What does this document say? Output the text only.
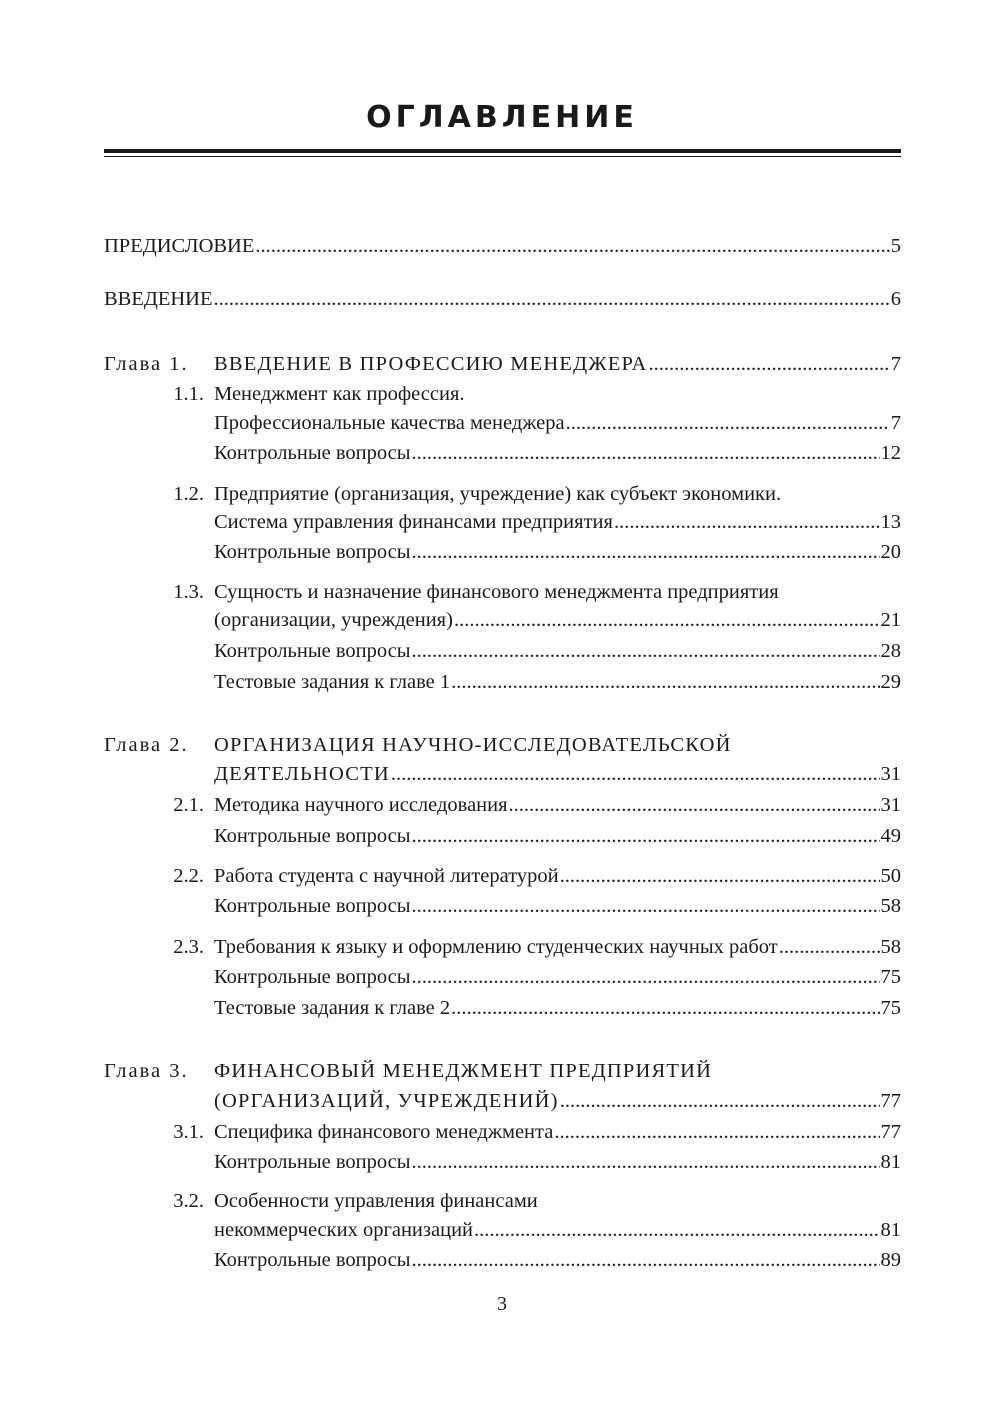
ОГЛАВЛЕНИЕ
ПРЕДИСЛОВИЕ .....	5
ВВЕДЕНИЕ .....	6
Глава 1. ВВЕДЕНИЕ В ПРОФЕССИЮ МЕНЕДЖЕРА .....	7
1.1. Менеджмент как профессия.
Профессиональные качества менеджера .....	7
Контрольные вопросы .....	12
1.2. Предприятие (организация, учреждение) как субъект экономики.
Система управления финансами предприятия .....	13
Контрольные вопросы .....	20
1.3. Сущность и назначение финансового менеджмента предприятия
(организации, учреждения) .....	21
Контрольные вопросы .....	28
Тестовые задания к главе 1 .....	29
Глава 2. ОРГАНИЗАЦИЯ НАУЧНО-ИССЛЕДОВАТЕЛЬСКОЙ
ДЕЯТЕЛЬНОСТИ .....	31
2.1. Методика научного исследования .....	31
Контрольные вопросы .....	49
2.2. Работа студента с научной литературой .....	50
Контрольные вопросы .....	58
2.3. Требования к языку и оформлению студенческих научных работ .....	58
Контрольные вопросы .....	75
Тестовые задания к главе 2 .....	75
Глава 3. ФИНАНСОВЫЙ МЕНЕДЖМЕНТ ПРЕДПРИЯТИЙ
(ОРГАНИЗАЦИЙ, УЧРЕЖДЕНИЙ) .....	77
3.1. Специфика финансового менеджмента .....	77
Контрольные вопросы .....	81
3.2. Особенности управления финансами
некоммерческих организаций .....	81
Контрольные вопросы .....	89
3
